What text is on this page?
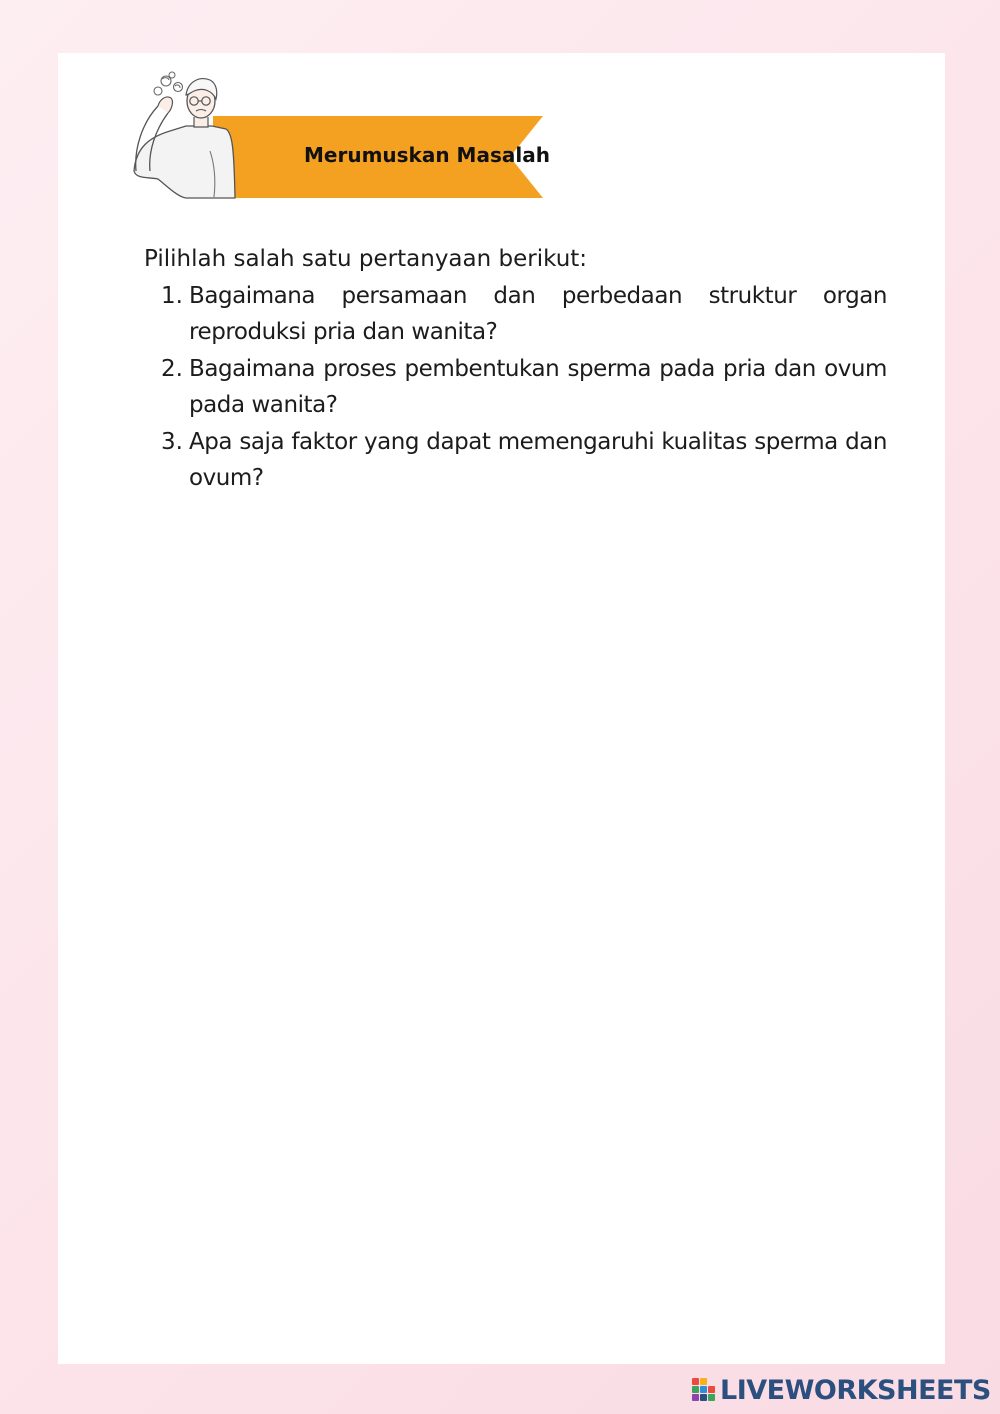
Merumuskan Masalah

Pilihlah salah satu pertanyaan berikut:

1. Bagaimana persamaan dan perbedaan struktur organ reproduksi pria dan wanita?
2. Bagaimana proses pembentukan sperma pada pria dan ovum pada wanita?
3. Apa saja faktor yang dapat memengaruhi kualitas sperma dan ovum?
LIVEWORKSHEETS
